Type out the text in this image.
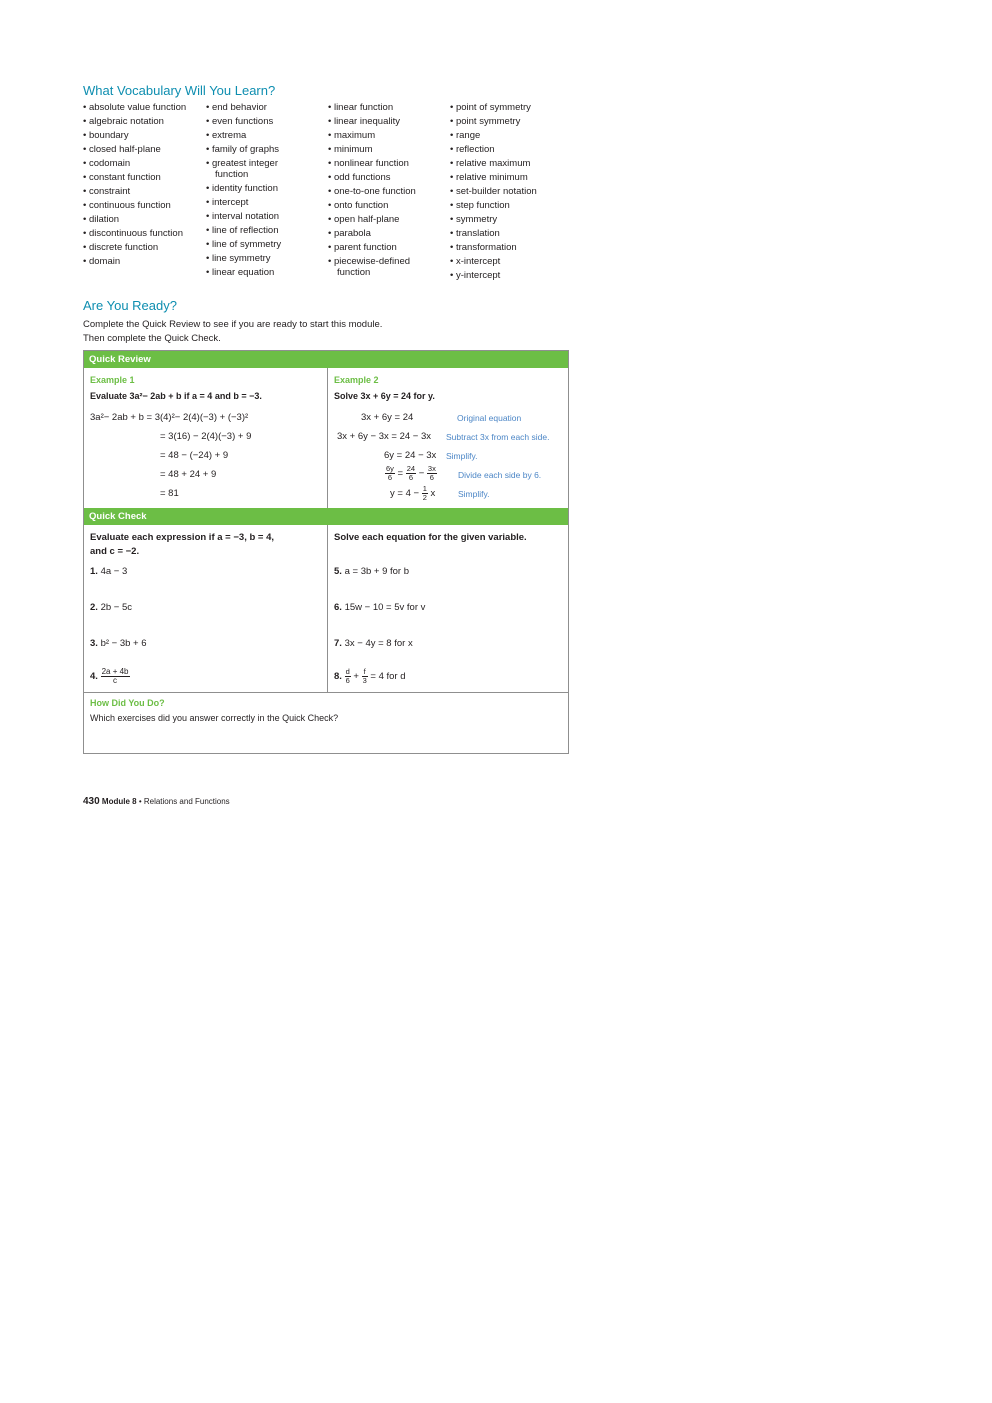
What Vocabulary Will You Learn?
• absolute value function
• algebraic notation
• boundary
• closed half-plane
• codomain
• constant function
• constraint
• continuous function
• dilation
• discontinuous function
• discrete function
• domain
• end behavior
• even functions
• extrema
• family of graphs
• greatest integer
function
• identity function
• intercept
• interval notation
• line of reflection
• line of symmetry
• line symmetry
• linear equation
• linear function
• linear inequality
• maximum
• minimum
• nonlinear function
• odd functions
• one-to-one function
• onto function
• open half-plane
• parabola
• parent function
• piecewise-defined
function
• point of symmetry
• point symmetry
• range
• reflection
• relative maximum
• relative minimum
• set-builder notation
• step function
• symmetry
• translation
• transformation
• x-intercept
• y-intercept
Are You Ready?
Complete the Quick Review to see if you are ready to start this module.
Then complete the Quick Check.
Quick Review
Example 1
Evaluate 3a²− 2ab + b if a = 4 and b = −3.
3a²− 2ab + b = 3(4)²− 2(4)(−3) + (−3)²
= 3(16) − 2(4)(−3) + 9
= 48 − (−24) + 9
= 48 + 24 + 9
= 81
Example 2
Solve 3x + 6y = 24 for y.
3x + 6y = 24
3x + 6y − 3x = 24 − 3x
6y = 24 − 3x
$\frac{6y}{6} = \frac{24}{6} - \frac{3x}{6}$
$y = 4 - \frac{1}{2}$ x
Original equation
Subtract 3x from each side.
Simplify.
Divide each side by 6.
Simplify.
Quick Check
Evaluate each expression if a = −3, b = 4,
and c = −2.
Solve each equation for the given variable.
1. 4a − 3
2. 2b − 5c
3. b² − 3b + 6
4. $\frac{2a + 4b}{c}$
5. a = 3b + 9 for b
6. 15w − 10 = 5v for v
7. 3x − 4y = 8 for x
8. $\frac{d}{6} + \frac{f}{3} = 4$ for d
How Did You Do?
Which exercises did you answer correctly in the Quick Check?
430 Module 8 • Relations and Functions
